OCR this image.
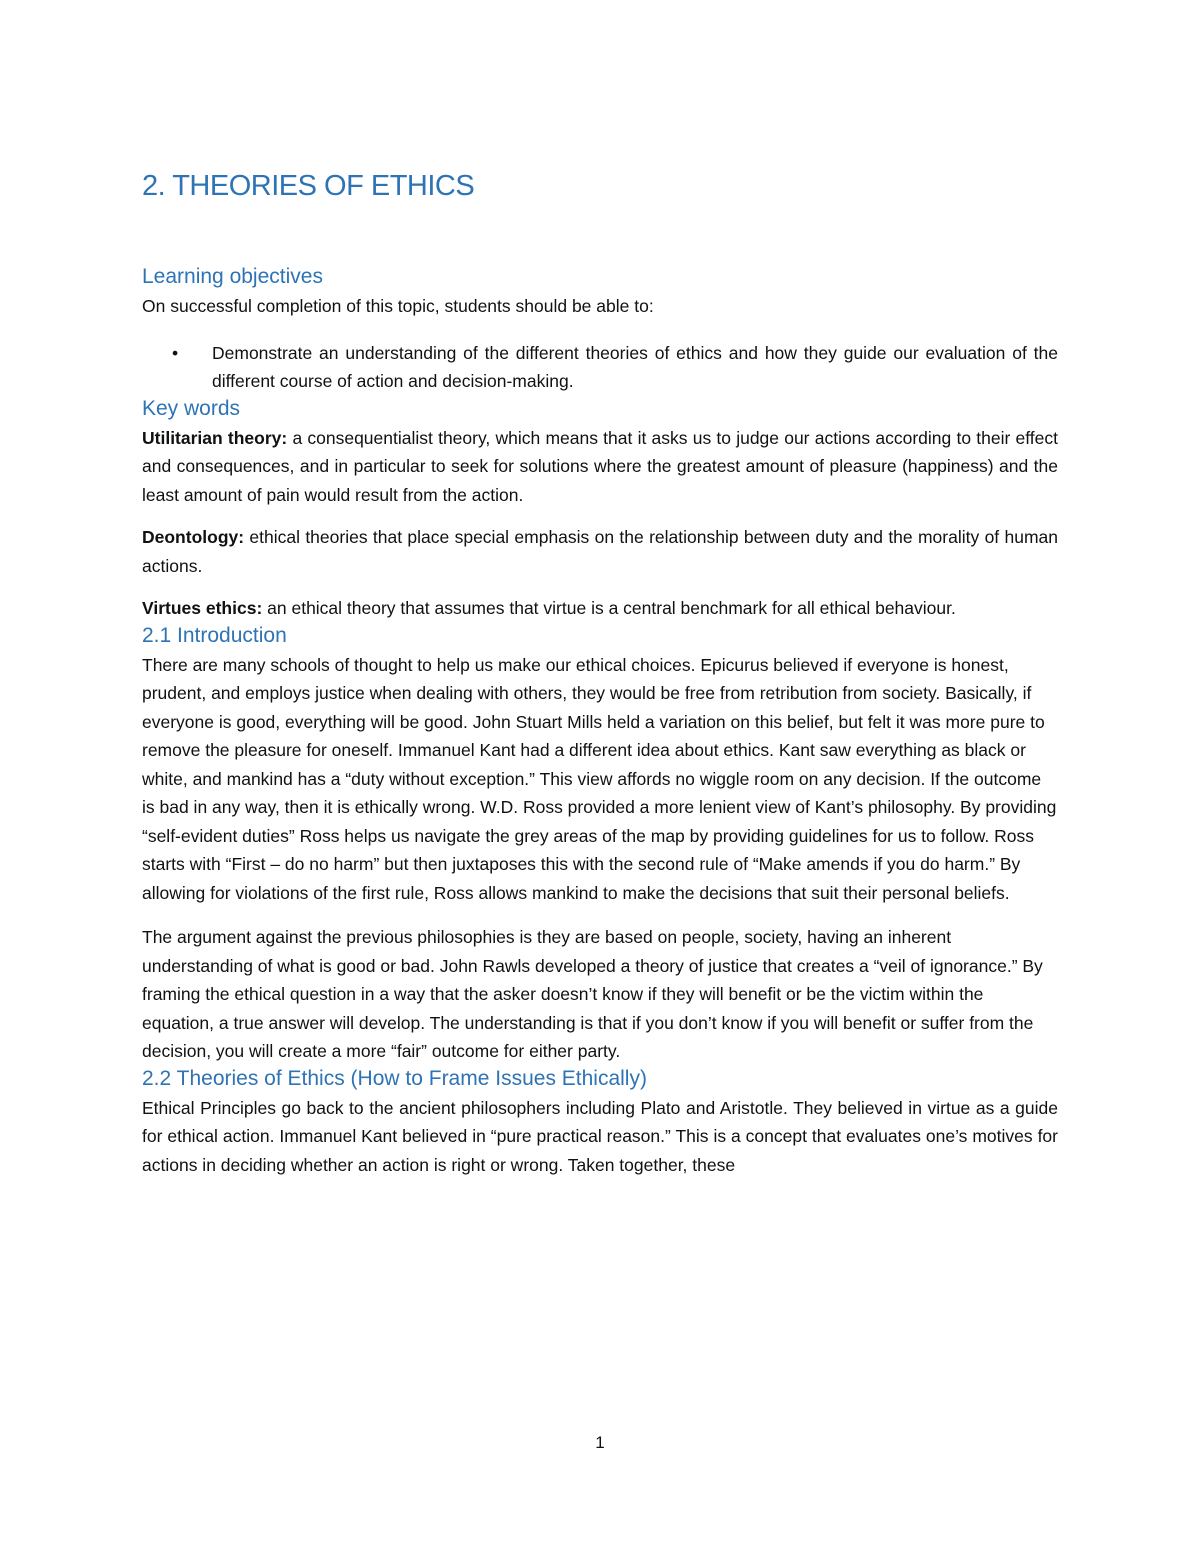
2. THEORIES OF ETHICS
Learning objectives

On successful completion of this topic, students should be able to:

• Demonstrate an understanding of the different theories of ethics and how they guide our evaluation of the different course of action and decision-making.
Key words

Utilitarian theory: a consequentialist theory, which means that it asks us to judge our actions according to their effect and consequences, and in particular to seek for solutions where the greatest amount of pleasure (happiness) and the least amount of pain would result from the action.

Deontology: ethical theories that place special emphasis on the relationship between duty and the morality of human actions.

Virtues ethics: an ethical theory that assumes that virtue is a central benchmark for all ethical behaviour.

2.1 Introduction

There are many schools of thought to help us make our ethical choices. Epicurus believed if everyone is honest, prudent, and employs justice when dealing with others, they would be free from retribution from society. Basically, if everyone is good, everything will be good. John Stuart Mills held a variation on this belief, but felt it was more pure to remove the pleasure for oneself. Immanuel Kant had a different idea about ethics. Kant saw everything as black or white, and mankind has a “duty without exception.” This view affords no wiggle room on any decision. If the outcome is bad in any way, then it is ethically wrong. W.D. Ross provided a more lenient view of Kant’s philosophy. By providing “self-evident duties” Ross helps us navigate the grey areas of the map by providing guidelines for us to follow. Ross starts with “First – do no harm” but then juxtaposes this with the second rule of “Make amends if you do harm.” By allowing for violations of the first rule, Ross allows mankind to make the decisions that suit their personal beliefs.

The argument against the previous philosophies is they are based on people, society, having an inherent understanding of what is good or bad. John Rawls developed a theory of justice that creates a “veil of ignorance.” By framing the ethical question in a way that the asker doesn’t know if they will benefit or be the victim within the equation, a true answer will develop. The understanding is that if you don’t know if you will benefit or suffer from the decision, you will create a more “fair” outcome for either party.

2.2 Theories of Ethics (How to Frame Issues Ethically)

Ethical Principles go back to the ancient philosophers including Plato and Aristotle. They believed in virtue as a guide for ethical action. Immanuel Kant believed in “pure practical reason.” This is a concept that evaluates one’s motives for actions in deciding whether an action is right or wrong. Taken together, these

1
